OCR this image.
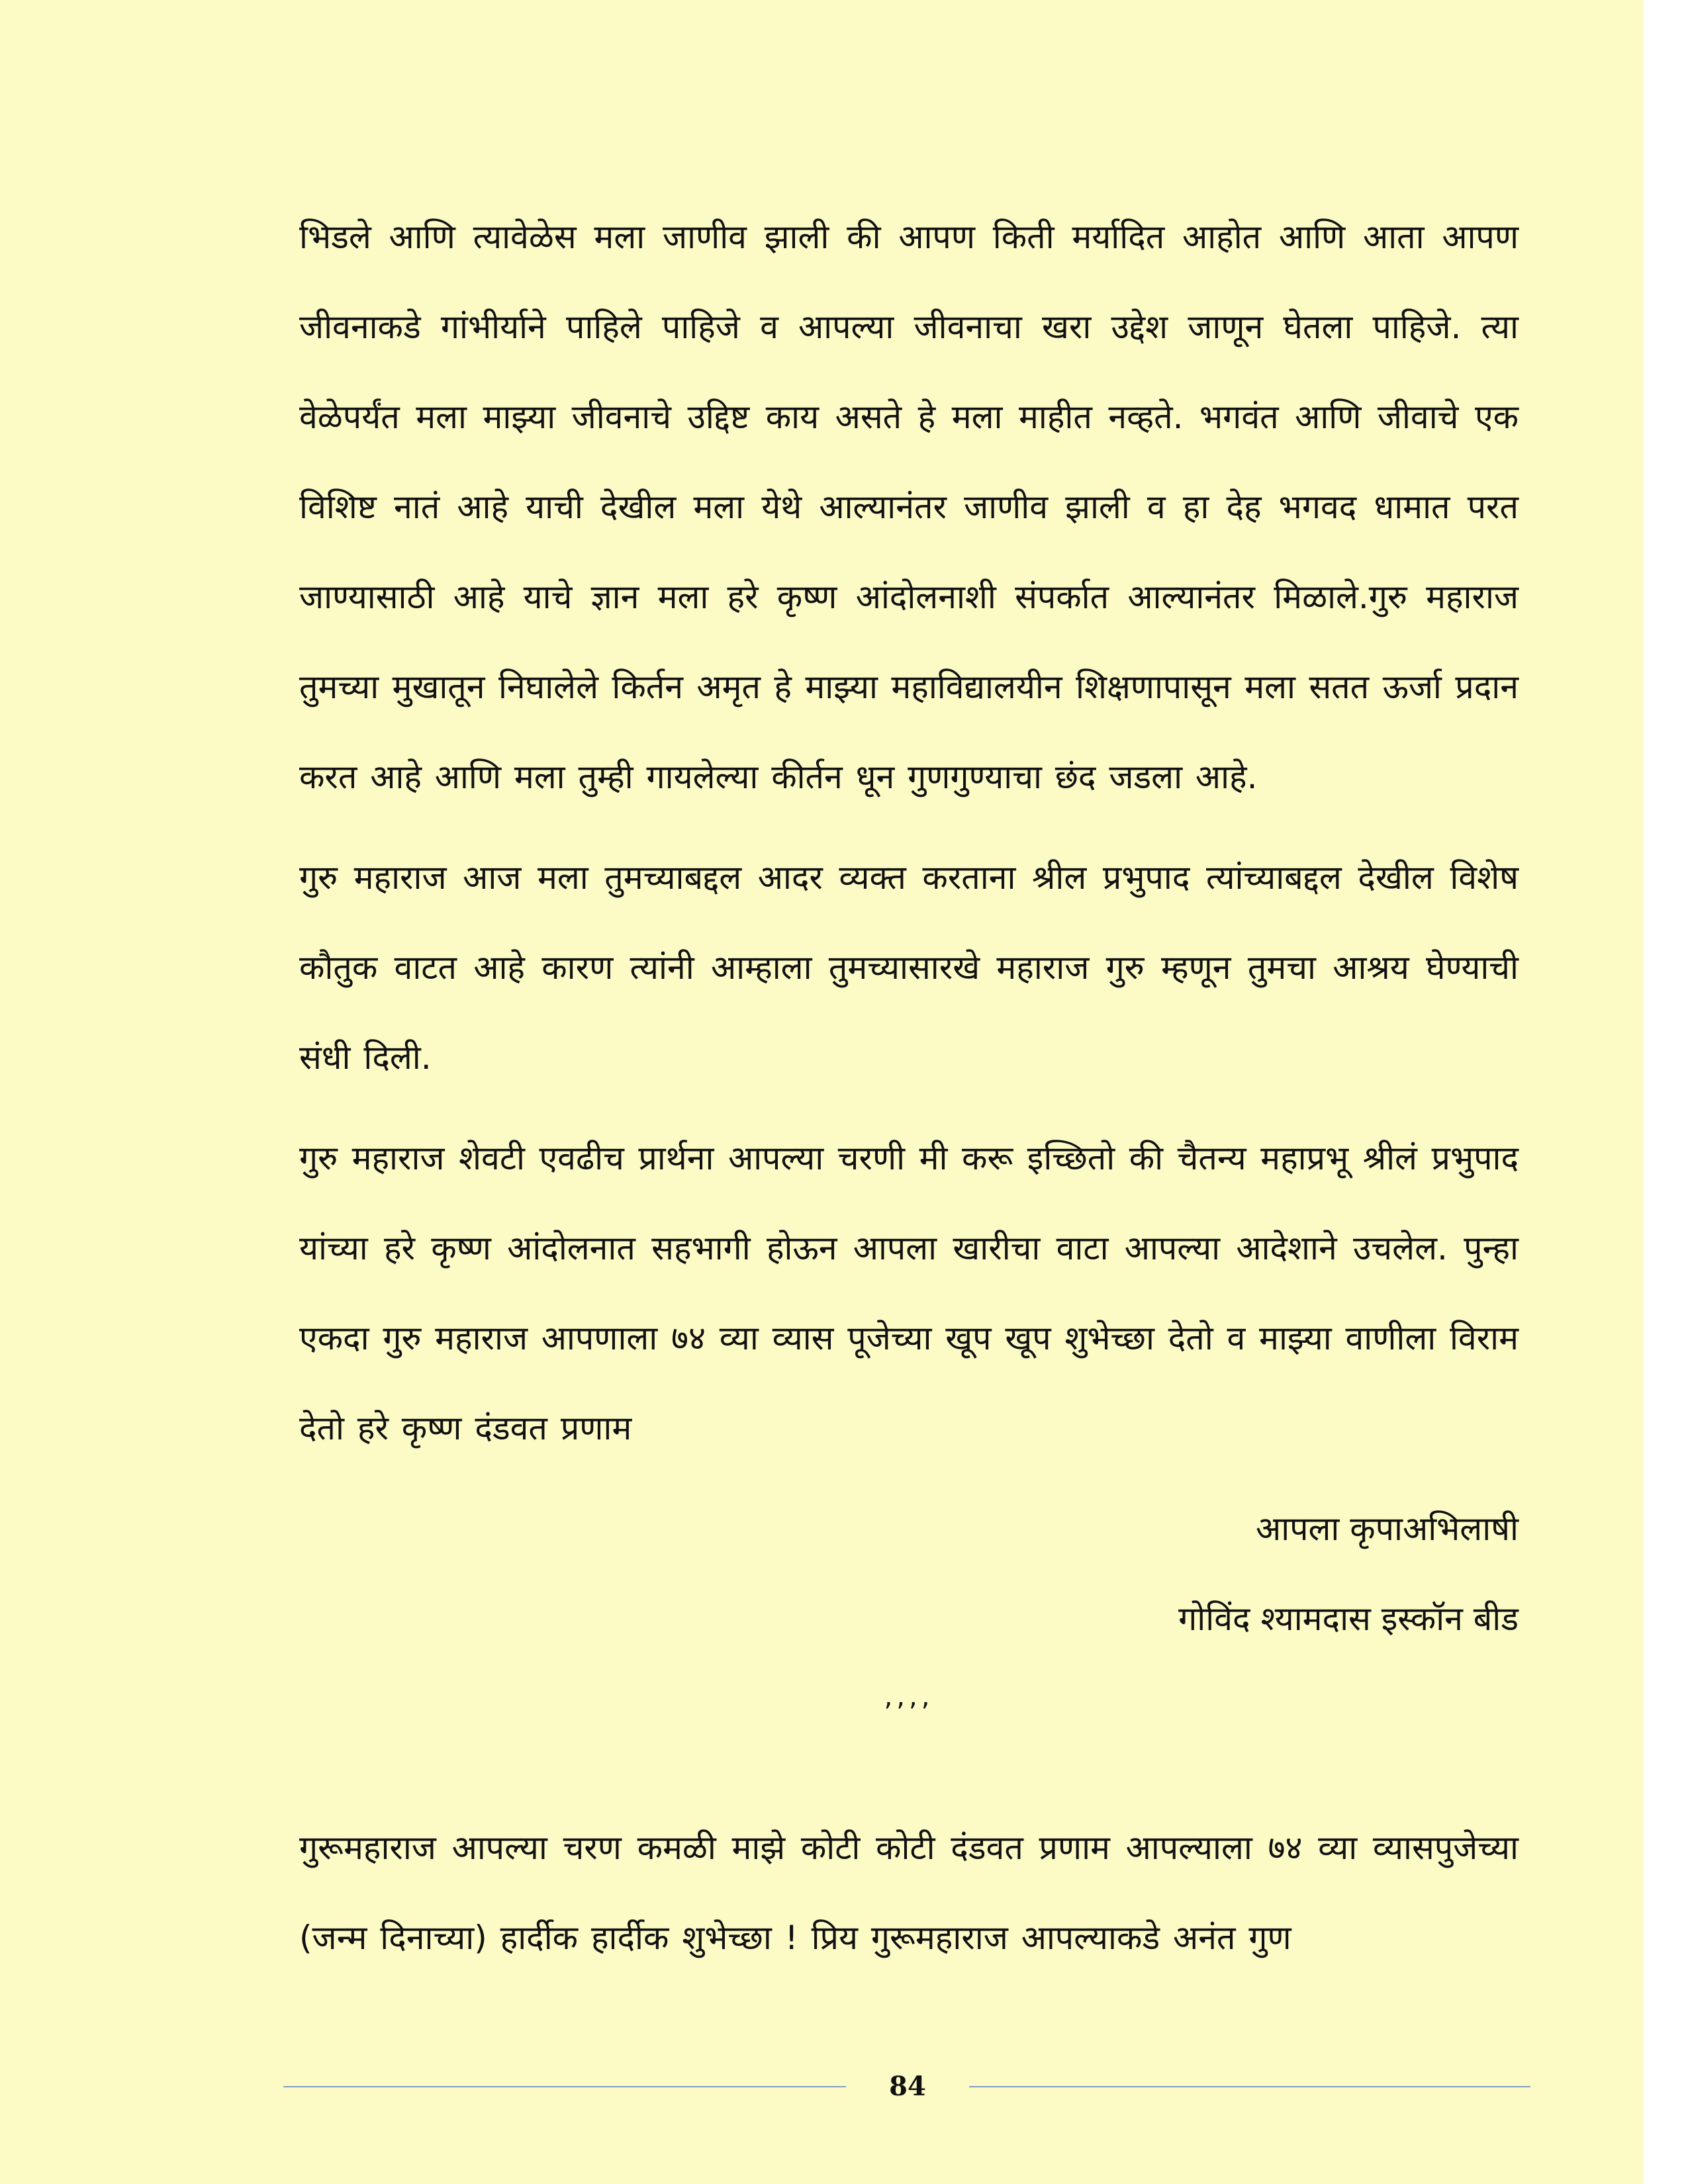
भिडले आणि त्यावेळेस मला जाणीव झाली की आपण किती मर्यादित आहोत आणि आता आपण जीवनाकडे गांभीर्याने पाहिले पाहिजे व आपल्या जीवनाचा खरा उद्देश जाणून घेतला पाहिजे. त्या वेळेपर्यंत मला माझ्या जीवनाचे उद्दिष्ट काय असते हे मला माहीत नव्हते. भगवंत आणि जीवाचे एक विशिष्ट नातं आहे याची देखील मला येथे आल्यानंतर जाणीव झाली व हा देह भगवद धामात परत जाण्यासाठी आहे याचे ज्ञान मला हरे कृष्ण आंदोलनाशी संपर्कात आल्यानंतर मिळाले.गुरु महाराज तुमच्या मुखातून निघालेले किर्तन अमृत हे माझ्या महाविद्यालयीन शिक्षणापासून मला सतत ऊर्जा प्रदान करत आहे आणि मला तुम्ही गायलेल्या कीर्तन धून गुणगुण्याचा छंद जडला आहे.

गुरु महाराज आज मला तुमच्याबद्दल आदर व्यक्त करताना श्रील प्रभुपाद त्यांच्याबद्दल देखील विशेष कौतुक वाटत आहे कारण त्यांनी आम्हाला तुमच्यासारखे महाराज गुरु म्हणून तुमचा आश्रय घेण्याची संधी दिली.

गुरु महाराज शेवटी एवढीच प्रार्थना आपल्या चरणी मी करू इच्छितो की चैतन्य महाप्रभू श्रीलं प्रभुपाद यांच्या हरे कृष्ण आंदोलनात सहभागी होऊन आपला खारीचा वाटा आपल्या आदेशाने उचलेल. पुन्हा एकदा गुरु महाराज आपणाला ७४ व्या व्यास पूजेच्या खूप खूप शुभेच्छा देतो व माझ्या वाणीला विराम देतो हरे कृष्ण दंडवत प्रणाम

आपला कृपाअभिलाषी

गोविंद श्यामदास इस्कॉन बीड

,,,,

गुरूमहाराज आपल्या चरण कमळी माझे कोटी कोटी दंडवत प्रणाम आपल्याला ७४ व्या व्यासपुजेच्या (जन्म दिनाच्या) हार्दीक हार्दीक शुभेच्छा ! प्रिय गुरूमहाराज आपल्याकडे अनंत गुण

84
